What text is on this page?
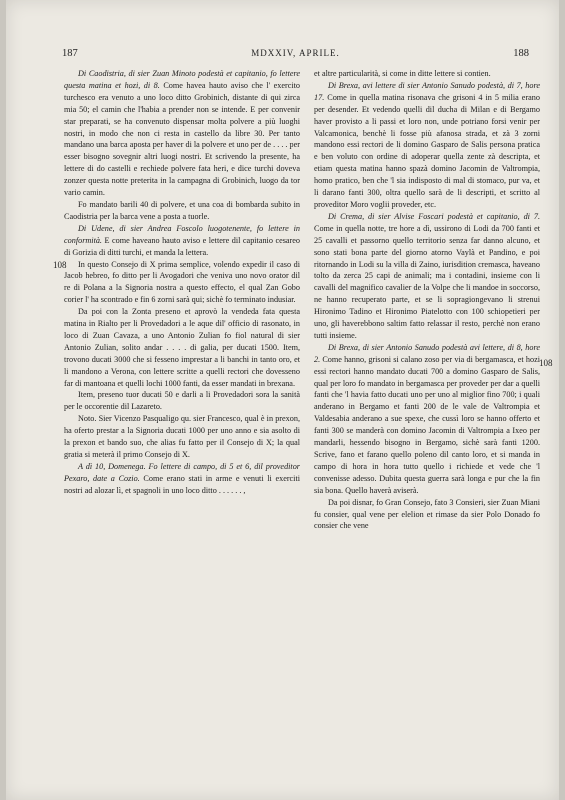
187	MDXXIV, APRILE.	188
108
108

Di Caodistria, di sier Zuan Minoto podestà et capitanio, fo lettere questa matina et hozi, di 8. Come havea hauto aviso che l' exercito turchesco era venuto a uno loco ditto Grobinich, distante di qui zirca mia 50; el camin che l'habia a prender non se intende. E per convenir star preparati, se ha convenuto dispensar molta polvere a più luoghi nostri, in modo che non ci resta in castello da libre 30. Per tanto mandano una barca aposta per haver di la polvere et uno per de . . . . per esser bisogno sovegnir altri luogi nostri. Et scrivendo la presente, ha lettere di do castelli e rechiede polvere fata heri, e dice turchi doveva zonzer questa notte preterita in la campagna di Grobinich, luogo da tor vario camin.

Fo mandato barili 40 di polvere, et una coa di bombarda subito in Caodistria per la barca vene a posta a tuorle.

Di Udene, di sier Andrea Foscolo luogotenente, fo lettere in conformità. E come haveano hauto aviso e lettere dil capitanio cesareo di Gorizia di ditti turchi, et manda la lettera.

In questo Consejo di X prima semplice, volendo expedir il caso di Jacob hebreo, fo ditto per li Avogadori che veniva uno novo orator dil re di Polana a la Signoria nostra a questo effecto, el qual Zan Gobo corier l' ha scontrado e fin 6 zorni sarà qui; sichè fo terminato indusiar.

Da poi con la Zonta preseno et aprovò la vendeda fata questa matina in Rialto per li Provedadori a le aque dil' officio di rasonato, in loco di Zuan Cavaza, a uno Antonio Zulian fo fiol natural di sier Antonio Zulian, solito andar . . . . di galia, per ducati 1500. Item, trovono ducati 3000 che si fesseno imprestar a li banchi in tanto oro, et li mandono a Verona, con lettere scritte a quelli rectori che dovesseno far di mantoana et quelli lochi 1000 fanti, da esser mandati in brexana.

Item, preseno tuor ducati 50 e darli a li Provedadori sora la sanità per le occorentie dil Lazareto.

Noto. Sier Vicenzo Pasqualigo qu. sier Francesco, qual è in prexon, ha oferto prestar a la Signoria ducati 1000 per uno anno e sia asolto di la prexon et bando suo, che alias fu fatto per il Consejo di X; la qual gratia si meterà il primo Consejo di X.

A dì 10, Domenega. Fo lettere di campo, di 5 et 6, dil proveditor Pexaro, date a Cozio. Come erano stati in arme e venuti li exerciti nostri ad alozar lì, et spagnoli in uno loco ditto . . . . . . ,

et altre particularità, si come in ditte lettere si contien.

Di Brexa, avi lettere di sier Antonio Sanudo podestà, di 7, hore 17. Come in quella matina risonava che grisoni 4 in 5 milia erano per desender. Et vedendo quelli dil ducha di Milan e di Bergamo haver provisto a li passi et loro non, unde potriano forsi venir per Valcamonica, benchè li fosse più afanosa strada, et zà 3 zorni mandono essi rectori de li domino Gasparo de Salis persona pratica e ben voluto con ordine di adoperar quella zente zà descripta, et etiam questa matina hanno spazà domino Jacomin de Valtrompia, homo pratico, ben che 'l sia indisposto di mal di stomaco, pur va, et li darano fanti 300, oltra quello sarà de li descripti, et scritto al proveditor Moro voglii proveder, etc.

Di Crema, di sier Alvise Foscari podestà et capitanio, di 7. Come in quella notte, tre hore a dì, ussirono di Lodi da 700 fanti et 25 cavalli et passorno quello territorio senza far danno alcuno, et sono stati bona parte del giorno atorno Vaylà et Pandino, e poi ritornando in Lodi su la villa di Zaino, iurisdition cremasca, haveano tolto da zerca 25 capi de animali; ma i contadini, insieme con li cavalli del magnifico cavalier de la Volpe che li mandoe in soccorso, ne hanno recuperato parte, et se li sopragiongevano li strenui Hironimo Tadino et Hironimo Piatelotto con 100 schiopetieri per uno, gli haverebbono saltim fatto relassar il resto, perchè non erano tutti insieme.

Di Brexa, di sier Antonio Sanudo podestà avi lettere, di 8, hore 2. Come hanno, grisoni si calano zoso per via di bergamasca, et hozi essi rectori hanno mandato ducati 700 a domino Gasparo de Salis, qual per loro fo mandato in bergamasca per proveder per dar a quelli fanti che 'l havia fatto ducati uno per uno al miglior fino 700; i quali anderano in Bergamo et fanti 200 de le vale de Valtrompia et Valdesabia anderano a sue spexe, che cussì loro se hanno offerto et fanti 300 se manderà con domino Jacomin di Valtrompia a Ixeo per mandarli, hessendo bisogno in Bergamo, sichè sarà fanti 1200. Scrive, fano et farano quello poleno dil canto loro, et si manda in campo di hora in hora tutto quello i richiede et vede che 'l convenisse adesso. Dubita questa guerra sarà longa e pur che la fin sia bona. Quello haverà aviserà.

Da poi disnar, fo Gran Consejo, fato 3 Consieri, sier Zuan Miani fu consier, qual vene per elelion et rimase da sier Polo Donado fo consier che vene
